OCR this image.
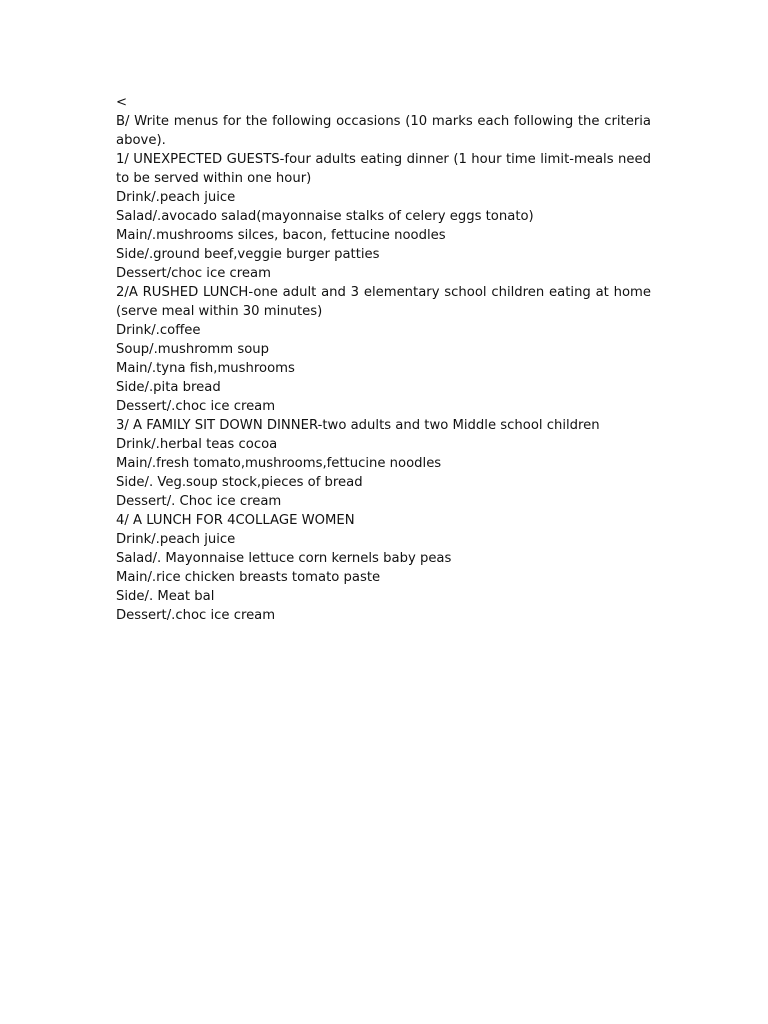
<

B/ Write menus for the following occasions (10 marks each following the criteria above).

1/ UNEXPECTED GUESTS-four adults eating dinner (1 hour time limit-meals need to be served within one hour)

Drink/.peach juice

Salad/.avocado salad(mayonnaise stalks of celery eggs tonato)

Main/.mushrooms silces, bacon, fettucine noodles

Side/.ground beef,veggie burger patties

Dessert/choc ice cream

2/A RUSHED LUNCH-one adult and 3 elementary school children eating at home (serve meal within 30 minutes)

Drink/.coffee

Soup/.mushromm soup

Main/.tyna fish,mushrooms

Side/.pita bread

Dessert/.choc ice cream

3/ A FAMILY SIT DOWN DINNER-two adults and two Middle school children

Drink/.herbal teas cocoa

Main/.fresh tomato,mushrooms,fettucine noodles

Side/. Veg.soup stock,pieces of bread

Dessert/. Choc ice cream

4/ A LUNCH FOR 4COLLAGE WOMEN

Drink/.peach juice

Salad/. Mayonnaise lettuce corn kernels baby peas

Main/.rice chicken breasts tomato paste

Side/. Meat bal

Dessert/.choc ice cream
